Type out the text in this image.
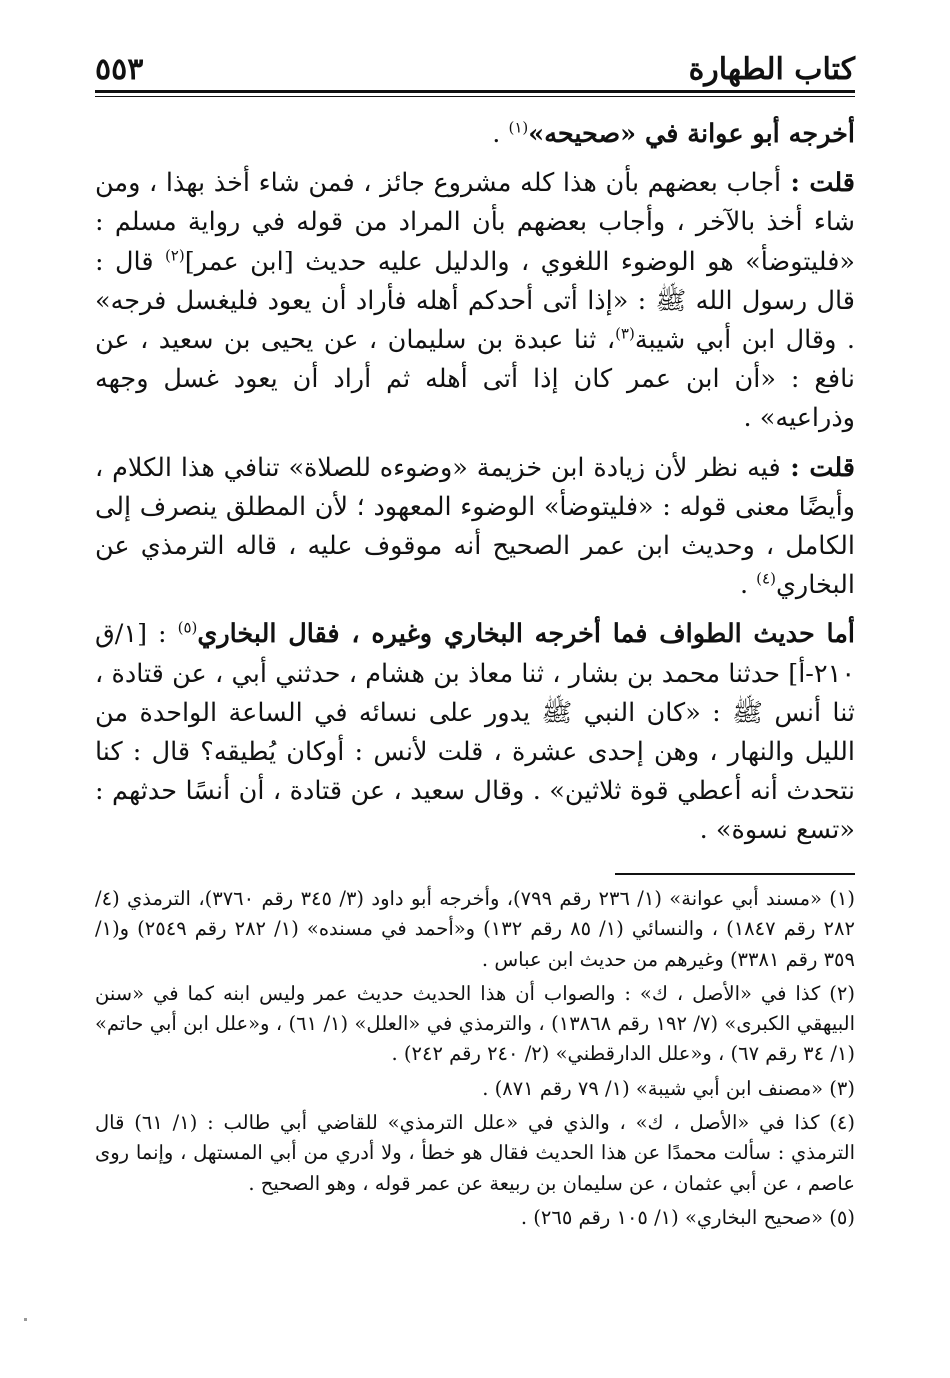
كتاب الطهارة
٥٥٣

أخرجه أبو عوانة في «صحيحه»$^{(١)}$ .

قلت : أجاب بعضهم بأن هذا كله مشروع جائز ، فمن شاء أخذ بهذا ، ومن شاء أخذ بالآخر ، وأجاب بعضهم بأن المراد من قوله في رواية مسلم : «فليتوضأ» هو الوضوء اللغوي ، والدليل عليه حديث [ابن عمر]$^{(٢)}$ قال : قال رسول الله ﷺ : «إذا أتى أحدكم أهله فأراد أن يعود فليغسل فرجه» . وقال ابن أبي شيبة$^{(٣)}$، ثنا عبدة بن سليمان ، عن يحيى بن سعيد ، عن نافع : «أن ابن عمر كان إذا أتى أهله ثم أراد أن يعود غسل وجهه وذراعيه» .

قلت : فيه نظر لأن زيادة ابن خزيمة «وضوءه للصلاة» تنافي هذا الكلام ، وأيضًا معنى قوله : «فليتوضأ» الوضوء المعهود ؛ لأن المطلق ينصرف إلى الكامل ، وحديث ابن عمر الصحيح أنه موقوف عليه ، قاله الترمذي عن البخاري$^{(٤)}$ .

أما حديث الطواف فما أخرجه البخاري وغيره ، فقال البخاري$^{(٥)}$ : [١/ق ٢١٠-أ] حدثنا محمد بن بشار ، ثنا معاذ بن هشام ، حدثني أبي ، عن قتادة ، ثنا أنس ﷺ : «كان النبي ﷺ يدور على نسائه في الساعة الواحدة من الليل والنهار ، وهن إحدى عشرة ، قلت لأنس : أوكان يُطيقه؟ قال : كنا نتحدث أنه أعطي قوة ثلاثين» . وقال سعيد ، عن قتادة ، أن أنسًا حدثهم : «تسع نسوة» .

(١) «مسند أبي عوانة» (١/ ٢٣٦ رقم ٧٩٩)، وأخرجه أبو داود (٣/ ٣٤٥ رقم ٣٧٦٠)، الترمذي (٤/ ٢٨٢ رقم ١٨٤٧) ، والنسائي (١/ ٨٥ رقم ١٣٢) و«أحمد في مسنده» (١/ ٢٨٢ رقم ٢٥٤٩) و(١/ ٣٥٩ رقم ٣٣٨١) وغيرهم من حديث ابن عباس .

(٢) كذا في «الأصل ، ك» : والصواب أن هذا الحديث حديث عمر وليس ابنه كما في «سنن البيهقي الكبرى» (٧/ ١٩٢ رقم ١٣٨٦٨) ، والترمذي في «العلل» (١/ ٦١) ، و«علل ابن أبي حاتم» (١/ ٣٤ رقم ٦٧) ، و«علل الدارقطني» (٢/ ٢٤٠ رقم ٢٤٢) .

(٣) «مصنف ابن أبي شيبة» (١/ ٧٩ رقم ٨٧١) .

(٤) كذا في «الأصل ، ك» ، والذي في «علل الترمذي» للقاضي أبي طالب : (١/ ٦١) قال الترمذي : سألت محمدًا عن هذا الحديث فقال هو خطأ ، ولا أدري من أبي المستهل ، وإنما روى عاصم ، عن أبي عثمان ، عن سليمان بن ربيعة عن عمر قوله ، وهو الصحيح .

(٥) «صحيح البخاري» (١/ ١٠٥ رقم ٢٦٥) .
